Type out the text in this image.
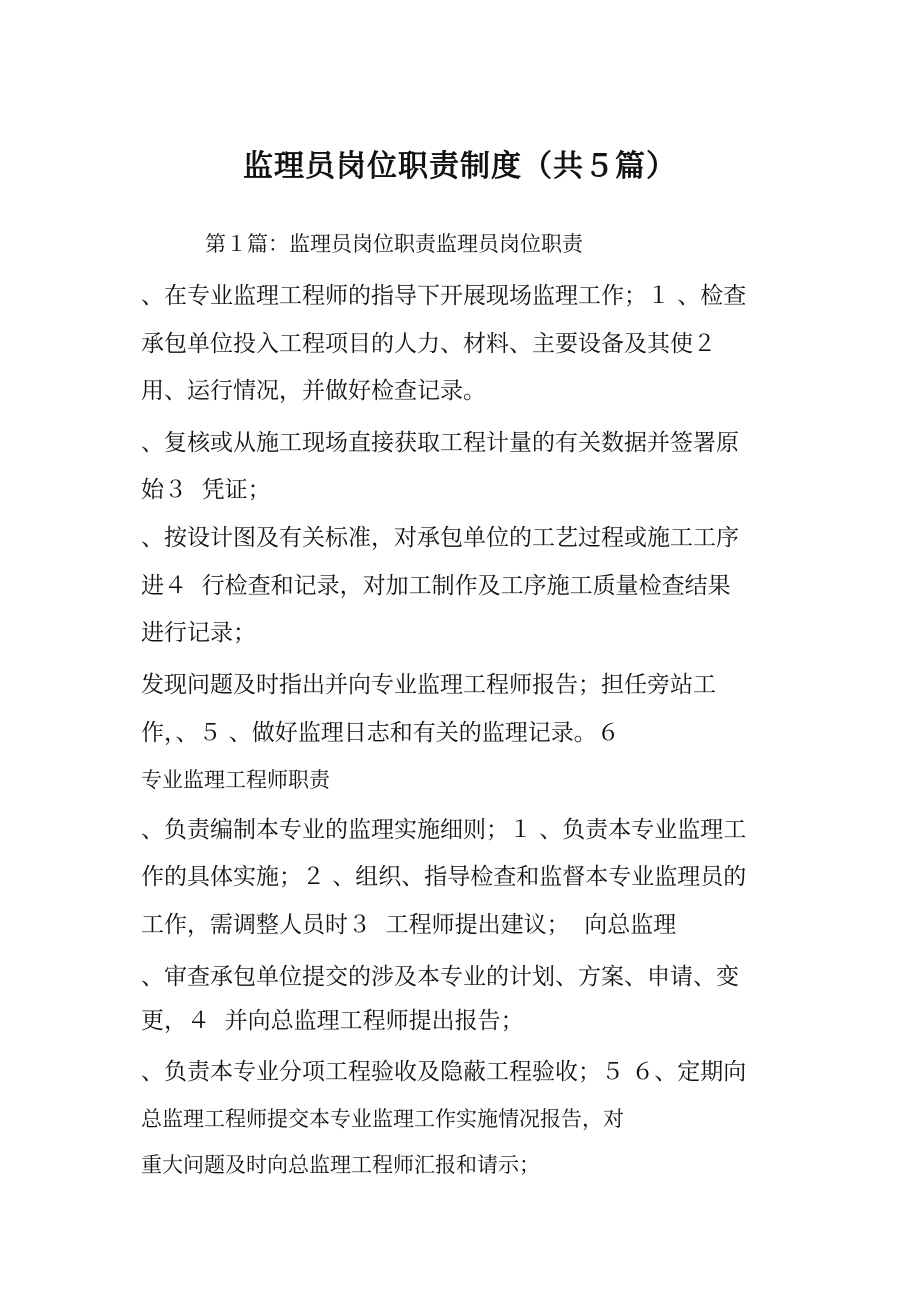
监理员岗位职责制度（共５篇）
第１篇：监理员岗位职责监理员岗位职责
、在专业监理工程师的指导下开展现场监理工作；１ 、检查
承包单位投入工程项目的人力、材料、主要设备及其使２
用、运行情况，并做好检查记录。
、复核或从施工现场直接获取工程计量的有关数据并签署原
始３  凭证；
、按设计图及有关标准，对承包单位的工艺过程或施工工序
进４  行检查和记录，对加工制作及工序施工质量检查结果
进行记录；
发现问题及时指出并向专业监理工程师报告；担任旁站工
作，、５ 、做好监理日志和有关的监理记录。６
专业监理工程师职责
、负责编制本专业的监理实施细则；１ 、负责本专业监理工
作的具体实施；２ 、组织、指导检查和监督本专业监理员的
工作，需调整人员时３  工程师提出建议；  向总监理
、审查承包单位提交的涉及本专业的计划、方案、申请、变
更，４  并向总监理工程师提出报告；
、负责本专业分项工程验收及隐蔽工程验收；５ ６、定期向
总监理工程师提交本专业监理工作实施情况报告，对
重大问题及时向总监理工程师汇报和请示；
